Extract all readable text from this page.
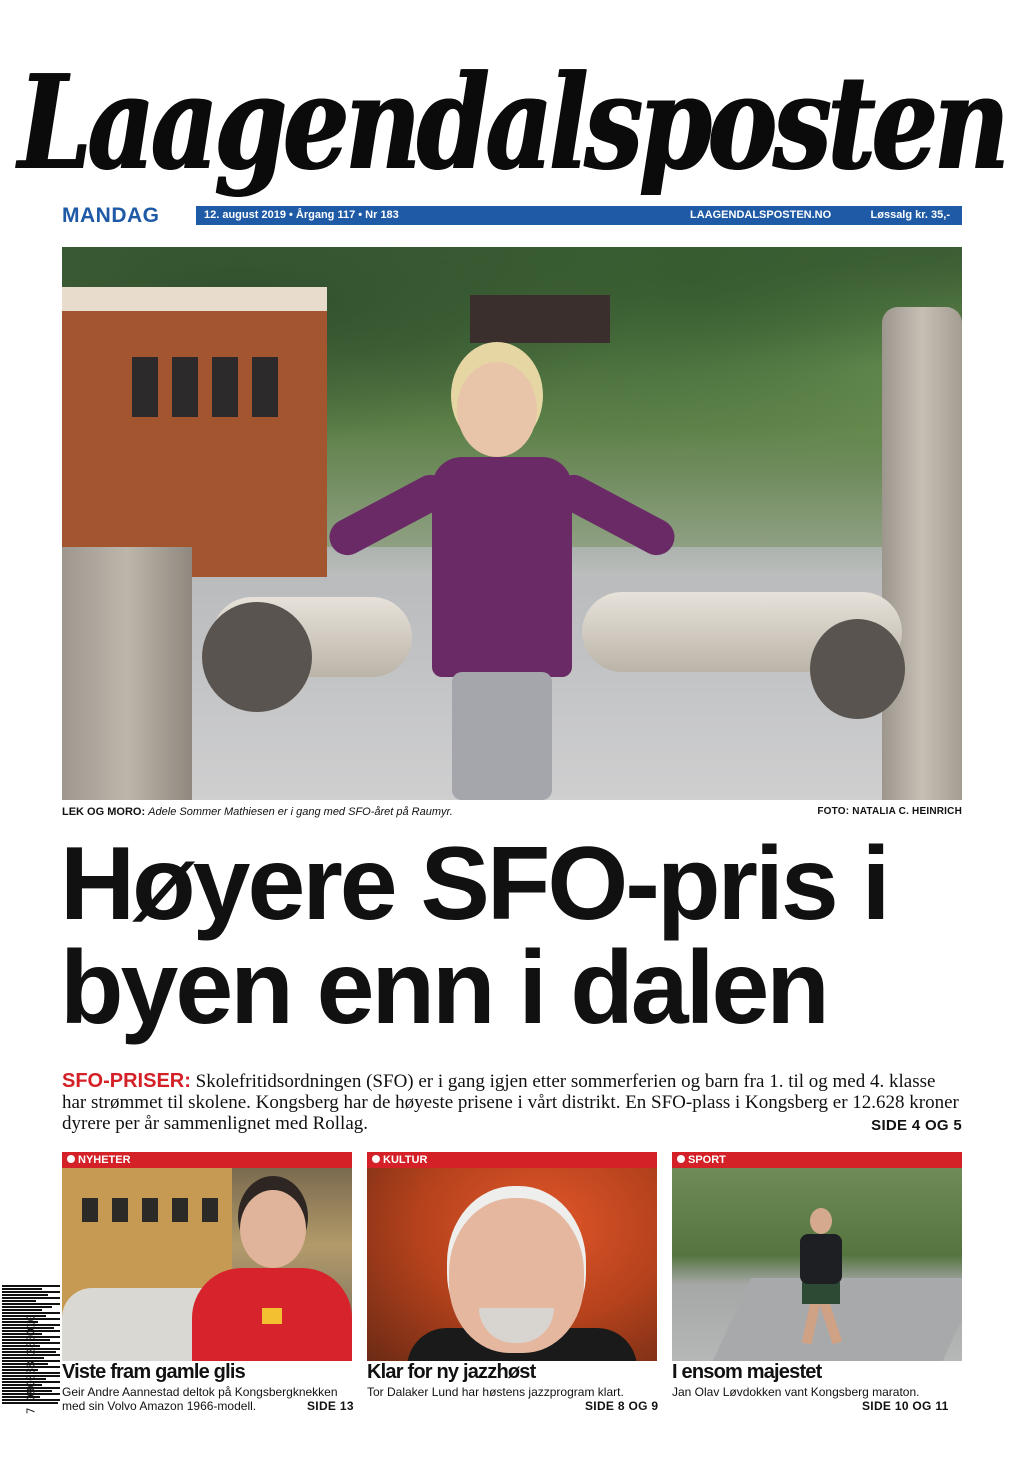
Laagendalsposten
MANDAG	12. august 2019 • Årgang 117 • Nr 183	LAAGENDALSPOSTEN.NO	Løssalg kr. 35,-
LEK OG MORO: Adele Sommer Mathiesen er i gang med SFO-året på Raumyr.	FOTO: NATALIA C. HEINRICH
Høyere SFO-pris i
byen enn i dalen
SFO-PRISER: Skolefritidsordningen (SFO) er i gang igjen etter sommerferien og barn fra 1. til og med 4. klasse har strømmet til skolene. Kongsberg har de høyeste prisene i vårt distrikt. En SFO-plass i Kongsberg er 12.628 kroner dyrere per år sammenlignet med Rollag.	SIDE 4 OG 5
NYHETER
Viste fram gamle glis
Geir Andre Aannestad deltok på Kongsbergknekken
med sin Volvo Amazon 1966-modell.	SIDE 13
KULTUR
Klar for ny jazzhøst
Tor Dalaker Lund har høstens jazzprogram klart.
SIDE 8 OG 9
SPORT
I ensom majestet
Jan Olav Løvdokken vant Kongsberg maraton.
SIDE 10 OG 11
7 090038 280010
